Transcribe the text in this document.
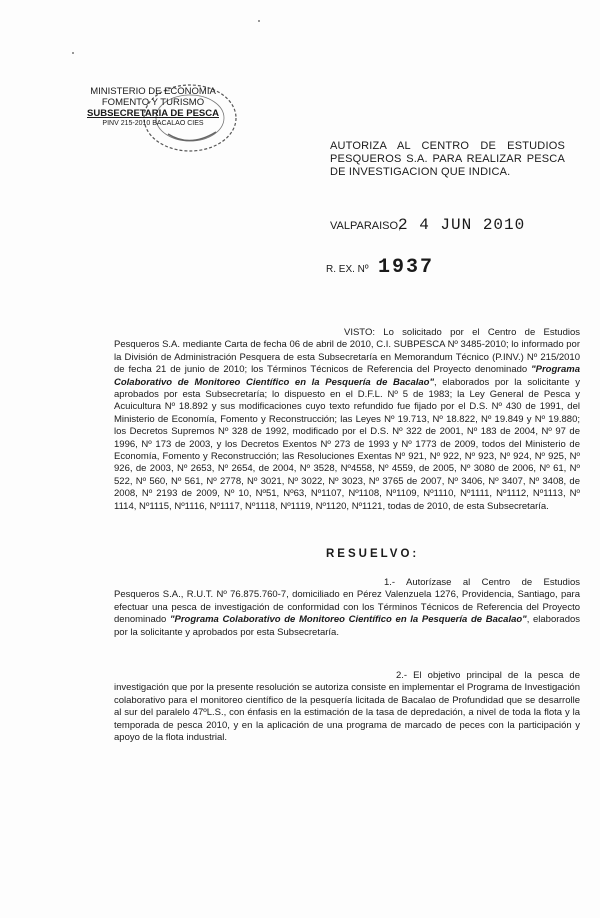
MINISTERIO DE ECONOMIA
FOMENTO Y TURISMO
SUBSECRETARIA DE PESCA
PINV 215-2010 BACALAO CIES
AUTORIZA AL CENTRO DE ESTUDIOS PESQUEROS S.A. PARA REALIZAR PESCA DE INVESTIGACION QUE INDICA.
VALPARAISO,
2 4 JUN 2010
R. EX. Nº 1937
VISTO: Lo solicitado por el Centro de Estudios Pesqueros S.A. mediante Carta de fecha 06 de abril de 2010, C.I. SUBPESCA Nº 3485-2010; lo informado por la División de Administración Pesquera de esta Subsecretaría en Memorandum Técnico (P.INV.) Nº 215/2010 de fecha 21 de junio de 2010; los Términos Técnicos de Referencia del Proyecto denominado "Programa Colaborativo de Monitoreo Científico en la Pesquería de Bacalao", elaborados por la solicitante y aprobados por esta Subsecretaría; lo dispuesto en el D.F.L. Nº 5 de 1983; la Ley General de Pesca y Acuicultura Nº 18.892 y sus modificaciones cuyo texto refundido fue fijado por el D.S. Nº 430 de 1991, del Ministerio de Economía, Fomento y Reconstrucción; las Leyes Nº 19.713, Nº 18.822, Nº 19.849 y Nº 19.880; los Decretos Supremos Nº 328 de 1992, modificado por el D.S. Nº 322 de 2001, Nº 183 de 2004, Nº 97 de 1996, Nº 173 de 2003, y los Decretos Exentos Nº 273 de 1993 y Nº 1773 de 2009, todos del Ministerio de Economía, Fomento y Reconstrucción; las Resoluciones Exentas Nº 921, Nº 922, Nº 923, Nº 924, Nº 925, Nº 926, de 2003, Nº 2653, Nº 2654, de 2004, Nº 3528, Nº4558, Nº 4559, de 2005, Nº 3080 de 2006, Nº 61, Nº 522, Nº 560, Nº 561, Nº 2778, Nº 3021, Nº 3022, Nº 3023, Nº 3765 de 2007, Nº 3406, Nº 3407, Nº 3408, de 2008, Nº 2193 de 2009, Nº 10, Nº51, Nº63, Nº1107, Nº1108, Nº1109, Nº1110, Nº1111, Nº1112, Nº1113, Nº 1114, Nº1115, Nº1116, Nº1117, Nº1118, Nº1119, Nº1120, Nº1121, todas de 2010, de esta Subsecretaría.
RESUELVO:
1.- Autorízase al Centro de Estudios Pesqueros S.A., R.U.T. Nº 76.875.760-7, domiciliado en Pérez Valenzuela 1276, Providencia, Santiago, para efectuar una pesca de investigación de conformidad con los Términos Técnicos de Referencia del Proyecto denominado "Programa Colaborativo de Monitoreo Científico en la Pesquería de Bacalao", elaborados por la solicitante y aprobados por esta Subsecretaría.
2.- El objetivo principal de la pesca de investigación que por la presente resolución se autoriza consiste en implementar el Programa de Investigación colaborativo para el monitoreo científico de la pesquería licitada de Bacalao de Profundidad que se desarrolle al sur del paralelo 47ºL.S., con énfasis en la estimación de la tasa de depredación, a nivel de toda la flota y la temporada de pesca 2010, y en la aplicación de una programa de marcado de peces con la participación y apoyo de la flota industrial.
